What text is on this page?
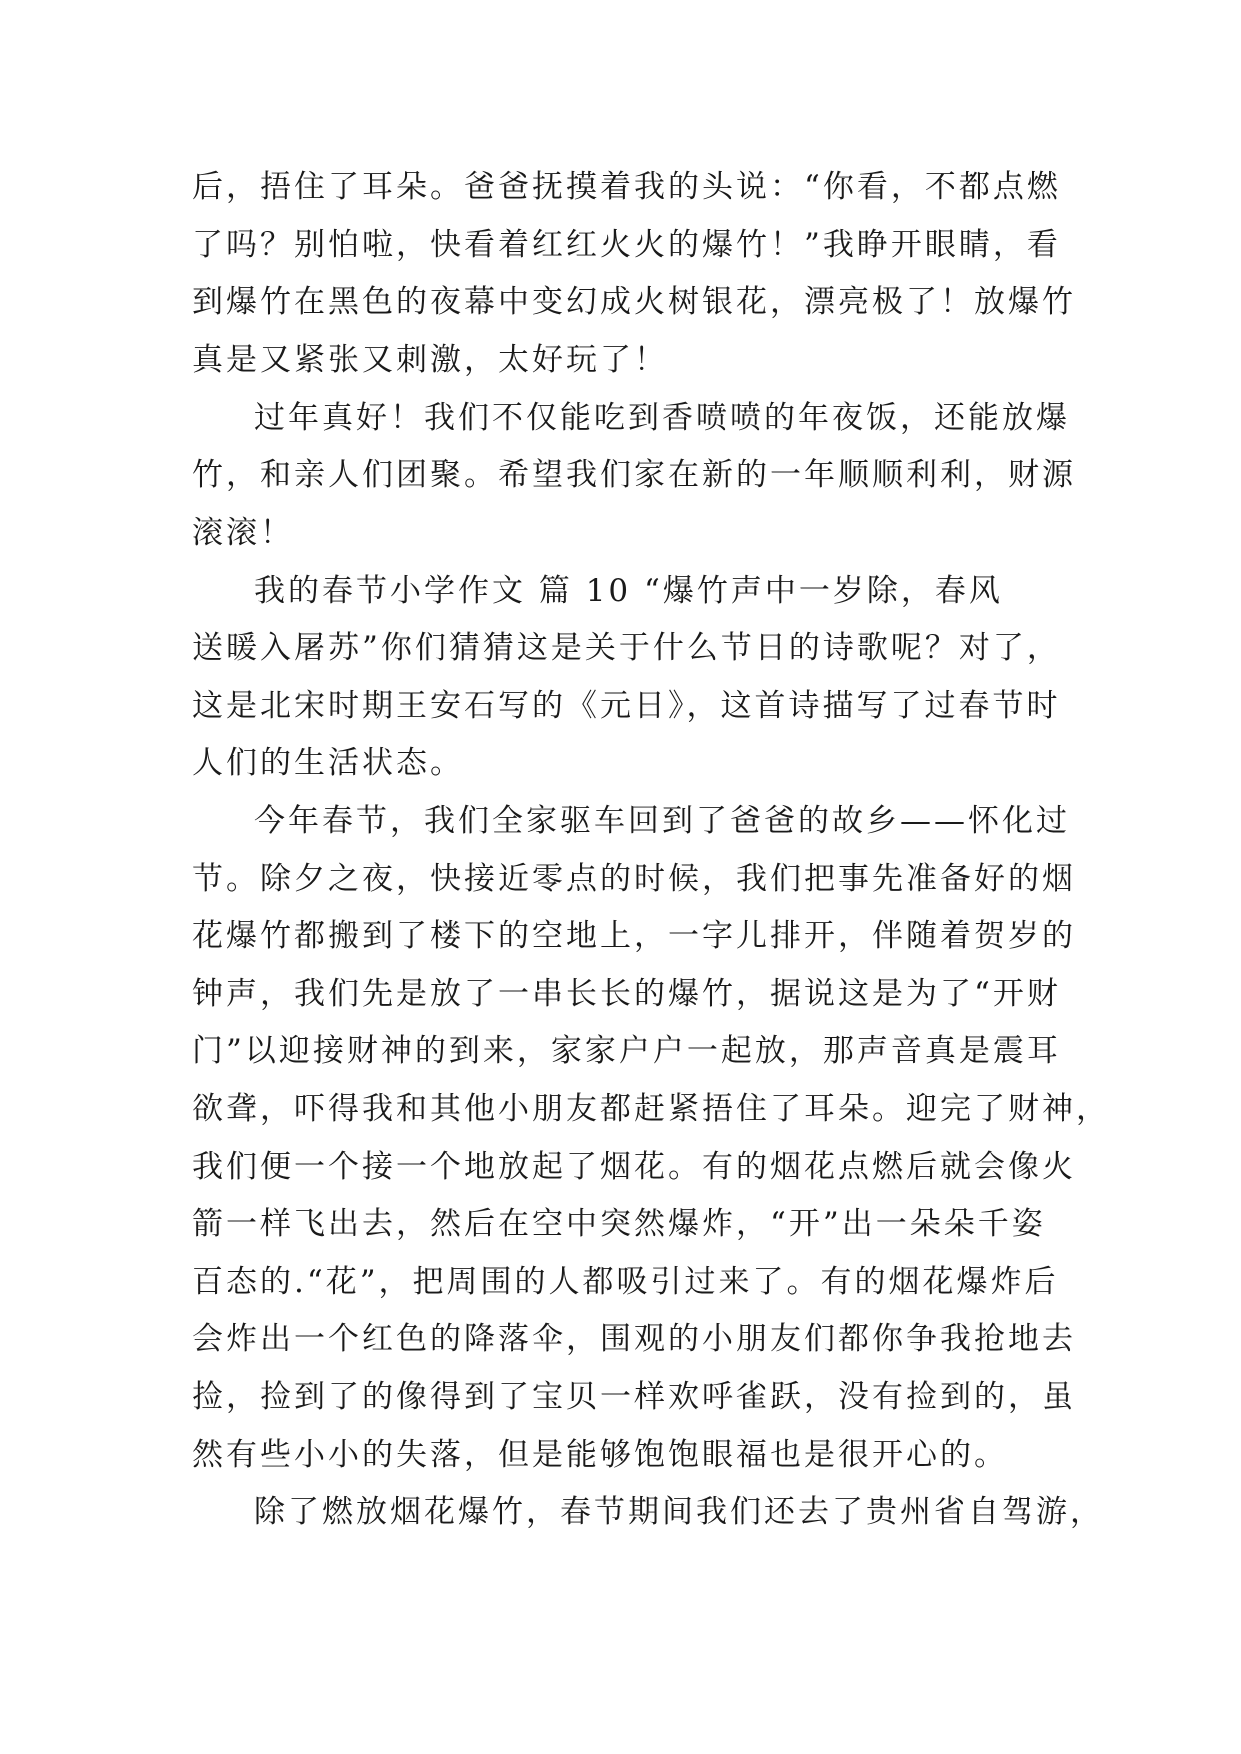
后，捂住了耳朵。爸爸抚摸着我的头说：“你看，不都点燃

了吗？别怕啦，快看着红红火火的爆竹！”我睁开眼睛，看

到爆竹在黑色的夜幕中变幻成火树银花，漂亮极了！放爆竹

真是又紧张又刺激，太好玩了！

过年真好！我们不仅能吃到香喷喷的年夜饭，还能放爆

竹，和亲人们团聚。希望我们家在新的一年顺顺利利，财源

滚滚！

我的春节小学作文 篇 10 “爆竹声中一岁除，春风

送暖入屠苏”你们猜猜这是关于什么节日的诗歌呢？对了，

这是北宋时期王安石写的《元日》，这首诗描写了过春节时

人们的生活状态。

今年春节，我们全家驱车回到了爸爸的故乡——怀化过

节。除夕之夜，快接近零点的时候，我们把事先准备好的烟

花爆竹都搬到了楼下的空地上，一字儿排开，伴随着贺岁的

钟声，我们先是放了一串长长的爆竹，据说这是为了“开财

门”以迎接财神的到来，家家户户一起放，那声音真是震耳

欲聋，吓得我和其他小朋友都赶紧捂住了耳朵。迎完了财神，

我们便一个接一个地放起了烟花。有的烟花点燃后就会像火

箭一样飞出去，然后在空中突然爆炸，“开”出一朵朵千姿

百态的.“花”，把周围的人都吸引过来了。有的烟花爆炸后

会炸出一个红色的降落伞，围观的小朋友们都你争我抢地去

捡，捡到了的像得到了宝贝一样欢呼雀跃，没有捡到的，虽

然有些小小的失落，但是能够饱饱眼福也是很开心的。

除了燃放烟花爆竹，春节期间我们还去了贵州省自驾游，
